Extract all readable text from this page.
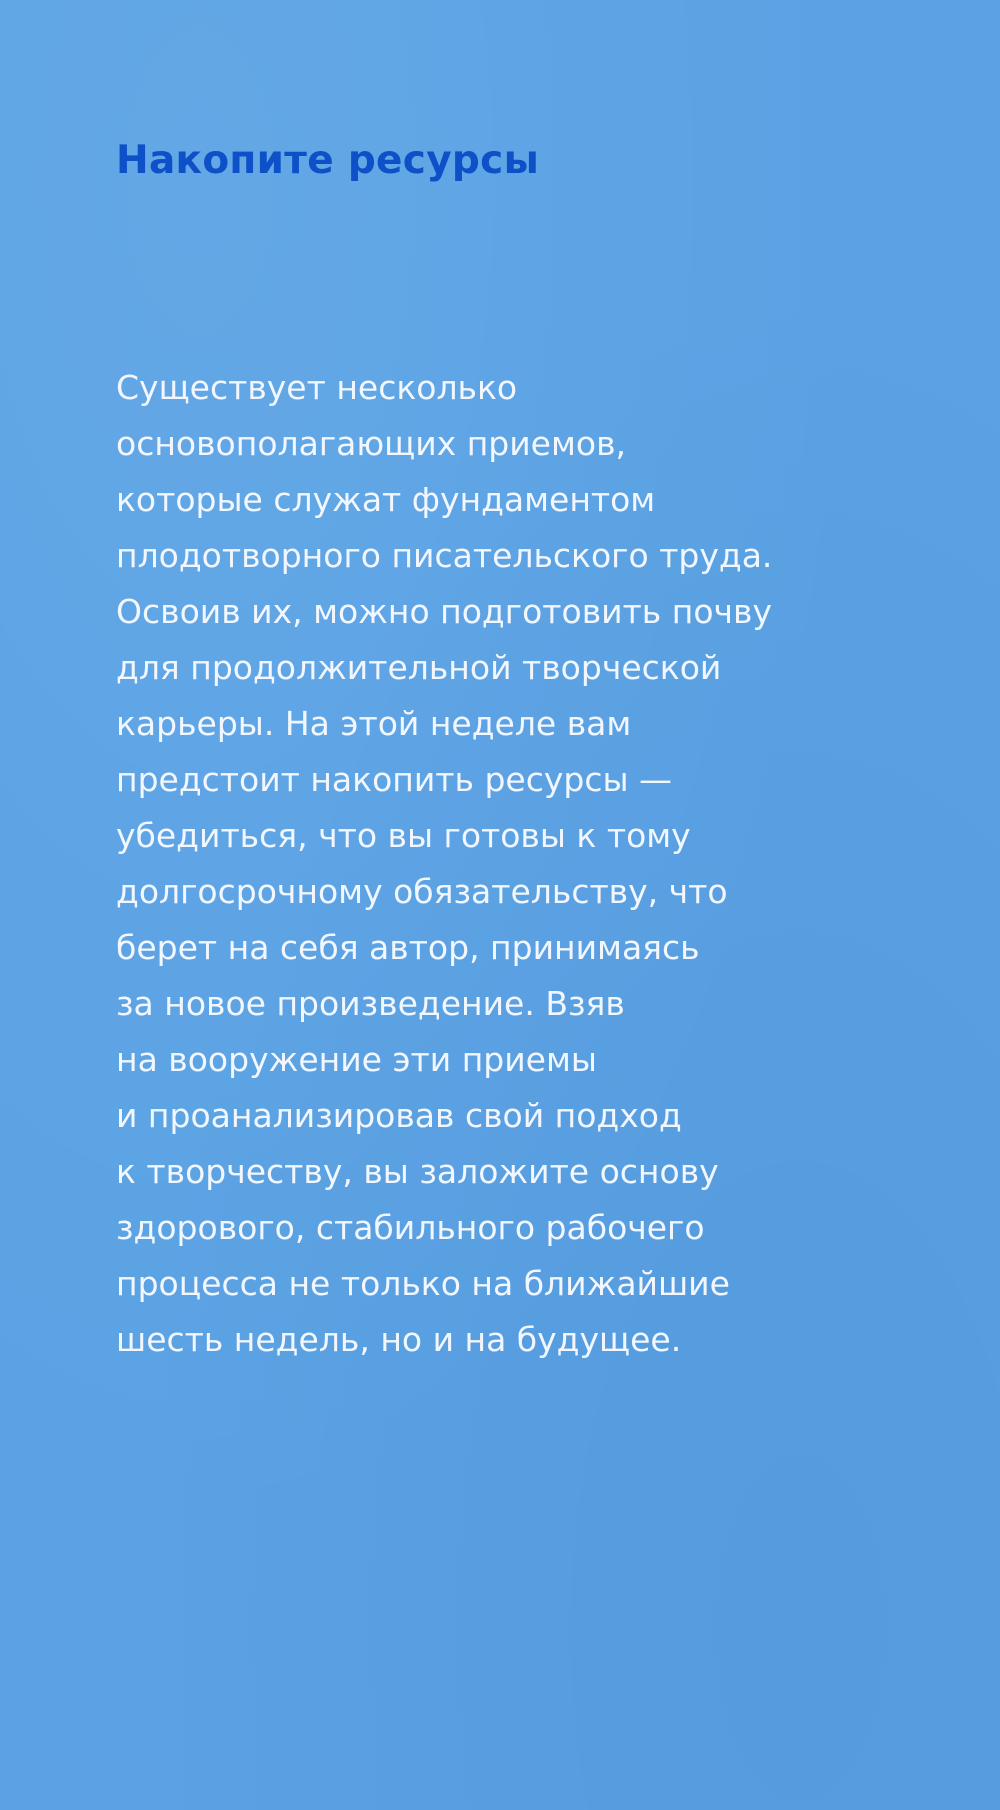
Накопите ресурсы
Существует несколько
основополагающих приемов,
которые служат фундаментом
плодотворного писательского труда.
Освоив их, можно подготовить почву
для продолжительной творческой
карьеры. На этой неделе вам
предстоит накопить ресурсы —
убедиться, что вы готовы к тому
долгосрочному обязательству, что
берет на себя автор, принимаясь
за новое произведение. Взяв
на вооружение эти приемы
и проанализировав свой подход
к творчеству, вы заложите основу
здорового, стабильного рабочего
процесса не только на ближайшие
шесть недель, но и на будущее.
